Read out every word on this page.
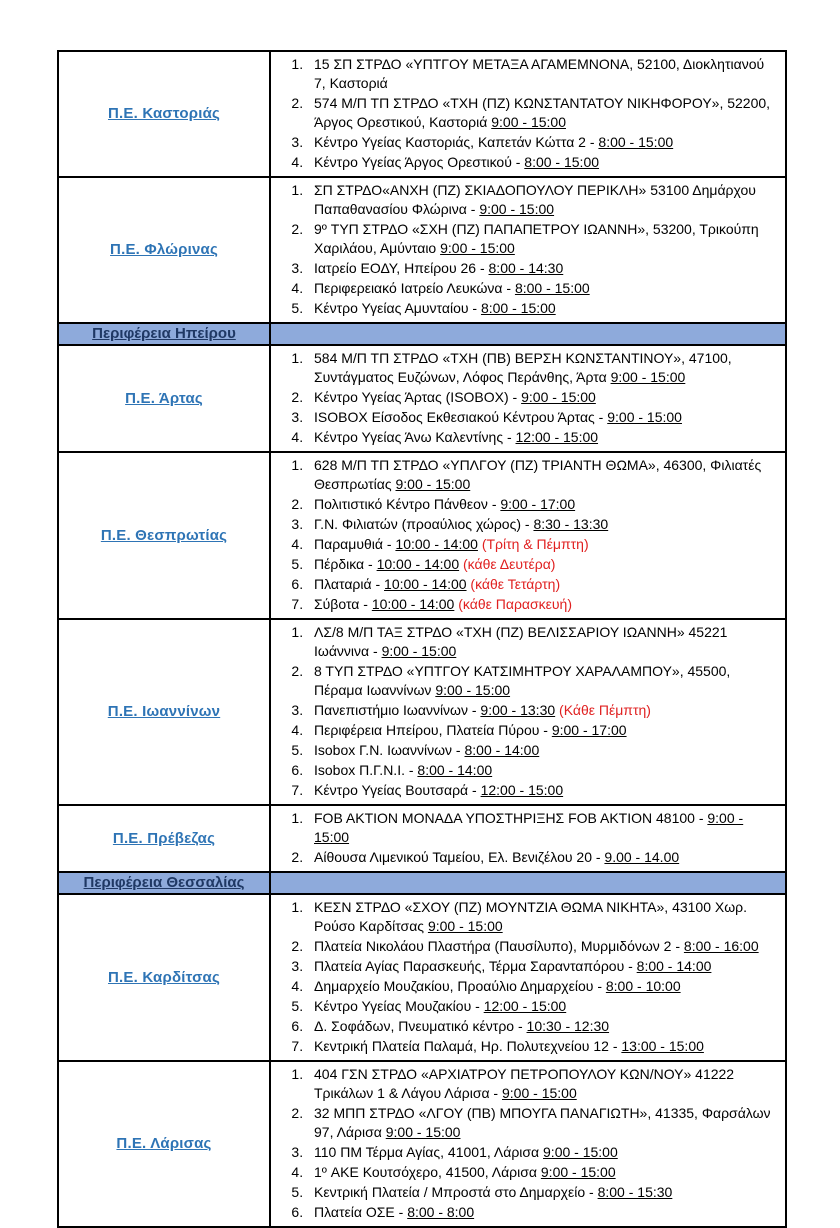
Π.Ε. Καστοριάς	
1. 15 ΣΠ ΣΤΡΔΟ «ΥΠΤΓΟΥ ΜΕΤΑΞΑ ΑΓΑΜΕΜΝΟΝΑ, 52100, Διοκλητιανού 7, Καστοριά
2. 574 Μ/Π ΤΠ ΣΤΡΔΟ «ΤΧΗ (ΠΖ) ΚΩΝΣΤΑΝΤΑΤΟΥ ΝΙΚΗΦΟΡΟΥ», 52200, Άργος Ορεστικού, Καστοριά 9:00 - 15:00
3. Κέντρο Υγείας Καστοριάς, Καπετάν Κώττα 2 - 8:00 - 15:00
4. Κέντρο Υγείας Άργος Ορεστικού - 8:00 - 15:00

Π.Ε. Φλώρινας	
1. ΣΠ ΣΤΡΔΟ«ΑΝΧΗ (ΠΖ) ΣΚΙΑΔΟΠΟΥΛΟΥ ΠΕΡΙΚΛΗ» 53100 Δημάρχου Παπαθανασίου Φλώρινα - 9:00 - 15:00
2. 9º ΤΥΠ ΣΤΡΔΟ «ΣΧΗ (ΠΖ) ΠΑΠΑΠΕΤΡΟΥ ΙΩΑΝΝΗ», 53200, Τρικούπη Χαριλάου, Αμύνταιο 9:00 - 15:00
3. Ιατρείο ΕΟΔΥ, Ηπείρου 26 - 8:00 - 14:30
4. Περιφερειακό Ιατρείο Λευκώνα - 8:00 - 15:00
5. Κέντρο Υγείας Αμυνταίου - 8:00 - 15:00

Περιφέρεια Ηπείρου	
Π.Ε. Άρτας	
1. 584 Μ/Π ΤΠ ΣΤΡΔΟ «ΤΧΗ (ΠΒ) ΒΕΡΣΗ ΚΩΝΣΤΑΝΤΙΝΟΥ», 47100, Συντάγματος Ευζώνων, Λόφος Περάνθης, Άρτα 9:00 - 15:00
2. Κέντρο Υγείας Άρτας (ISOBOX) - 9:00 - 15:00
3. ISOBOX Είσοδος Εκθεσιακού Κέντρου Άρτας - 9:00 - 15:00
4. Κέντρο Υγείας Άνω Καλεντίνης - 12:00 - 15:00

Π.Ε. Θεσπρωτίας	
1. 628 Μ/Π ΤΠ ΣΤΡΔΟ «ΥΠΛΓΟΥ (ΠΖ) ΤΡΙΑΝΤΗ ΘΩΜΑ», 46300, Φιλιατές Θεσπρωτίας 9:00 - 15:00
2. Πολιτιστικό Κέντρο Πάνθεον - 9:00 - 17:00
3. Γ.Ν. Φιλιατών (προαύλιος χώρος) - 8:30 - 13:30
4. Παραμυθιά - 10:00 - 14:00 (Τρίτη & Πέμπτη)
5. Πέρδικα - 10:00 - 14:00 (κάθε Δευτέρα)
6. Πλαταριά - 10:00 - 14:00 (κάθε Τετάρτη)
7. Σύβοτα - 10:00 - 14:00 (κάθε Παρασκευή)

Π.Ε. Ιωαννίνων	
1. ΛΣ/8 Μ/Π ΤΑΞ ΣΤΡΔΟ «ΤΧΗ (ΠΖ) ΒΕΛΙΣΣΑΡΙΟΥ ΙΩΑΝΝΗ» 45221 Ιωάννινα - 9:00 - 15:00
2. 8 ΤΥΠ ΣΤΡΔΟ «ΥΠΤΓΟΥ ΚΑΤΣΙΜΗΤΡΟΥ ΧΑΡΑΛΑΜΠΟΥ», 45500, Πέραμα Ιωαννίνων 9:00 - 15:00
3. Πανεπιστήμιο Ιωαννίνων - 9:00 - 13:30 (Κάθε Πέμπτη)
4. Περιφέρεια Ηπείρου, Πλατεία Πύρου - 9:00 - 17:00
5. Isobox Γ.Ν. Ιωαννίνων - 8:00 - 14:00
6. Isobox Π.Γ.Ν.Ι. - 8:00 - 14:00
7. Κέντρο Υγείας Βουτσαρά - 12:00 - 15:00

Π.Ε. Πρέβεζας	
1. FOB AKTION ΜΟΝΑΔΑ ΥΠΟΣΤΗΡΙΞΗΣ FOB AKTION 48100 - 9:00 - 15:00
2. Αίθουσα Λιμενικού Ταμείου, Ελ. Βενιζέλου 20 - 9.00 - 14.00

Περιφέρεια Θεσσαλίας	
Π.Ε. Καρδίτσας	
1. ΚΕΣΝ ΣΤΡΔΟ «ΣΧΟΥ (ΠΖ) ΜΟΥΝΤΖΙΑ ΘΩΜΑ ΝΙΚΗΤΑ», 43100 Χωρ. Ρούσο Καρδίτσας 9:00 - 15:00
2. Πλατεία Νικολάου Πλαστήρα (Παυσίλυπο), Μυρμιδόνων 2 - 8:00 - 16:00
3. Πλατεία Αγίας Παρασκευής, Τέρμα Σαρανταπόρου - 8:00 - 14:00
4. Δημαρχείο Μουζακίου, Προαύλιο Δημαρχείου - 8:00 - 10:00
5. Κέντρο Υγείας Μουζακίου - 12:00 - 15:00
6. Δ. Σοφάδων, Πνευματικό κέντρο - 10:30 - 12:30
7. Κεντρική Πλατεία Παλαμά, Ηρ. Πολυτεχνείου 12 - 13:00 - 15:00

Π.Ε. Λάρισας	
1. 404 ΓΣΝ ΣΤΡΔΟ «ΑΡΧΙΑΤΡΟΥ ΠΕΤΡΟΠΟΥΛΟΥ ΚΩΝ/ΝΟΥ» 41222 Τρικάλων 1 & Λάγου Λάρισα - 9:00 - 15:00
2. 32 ΜΠΠ ΣΤΡΔΟ «ΛΓΟΥ (ΠΒ) ΜΠΟΥΓΑ ΠΑΝΑΓΙΩΤΗ», 41335, Φαρσάλων 97, Λάρισα 9:00 - 15:00
3. 110 ΠΜ Τέρμα Αγίας, 41001, Λάρισα 9:00 - 15:00
4. 1º ΑΚΕ Κουτσόχερο, 41500, Λάρισα 9:00 - 15:00
5. Κεντρική Πλατεία / Μπροστά στο Δημαρχείο - 8:00 - 15:30
6. Πλατεία ΟΣΕ - 8:00 - 8:00
